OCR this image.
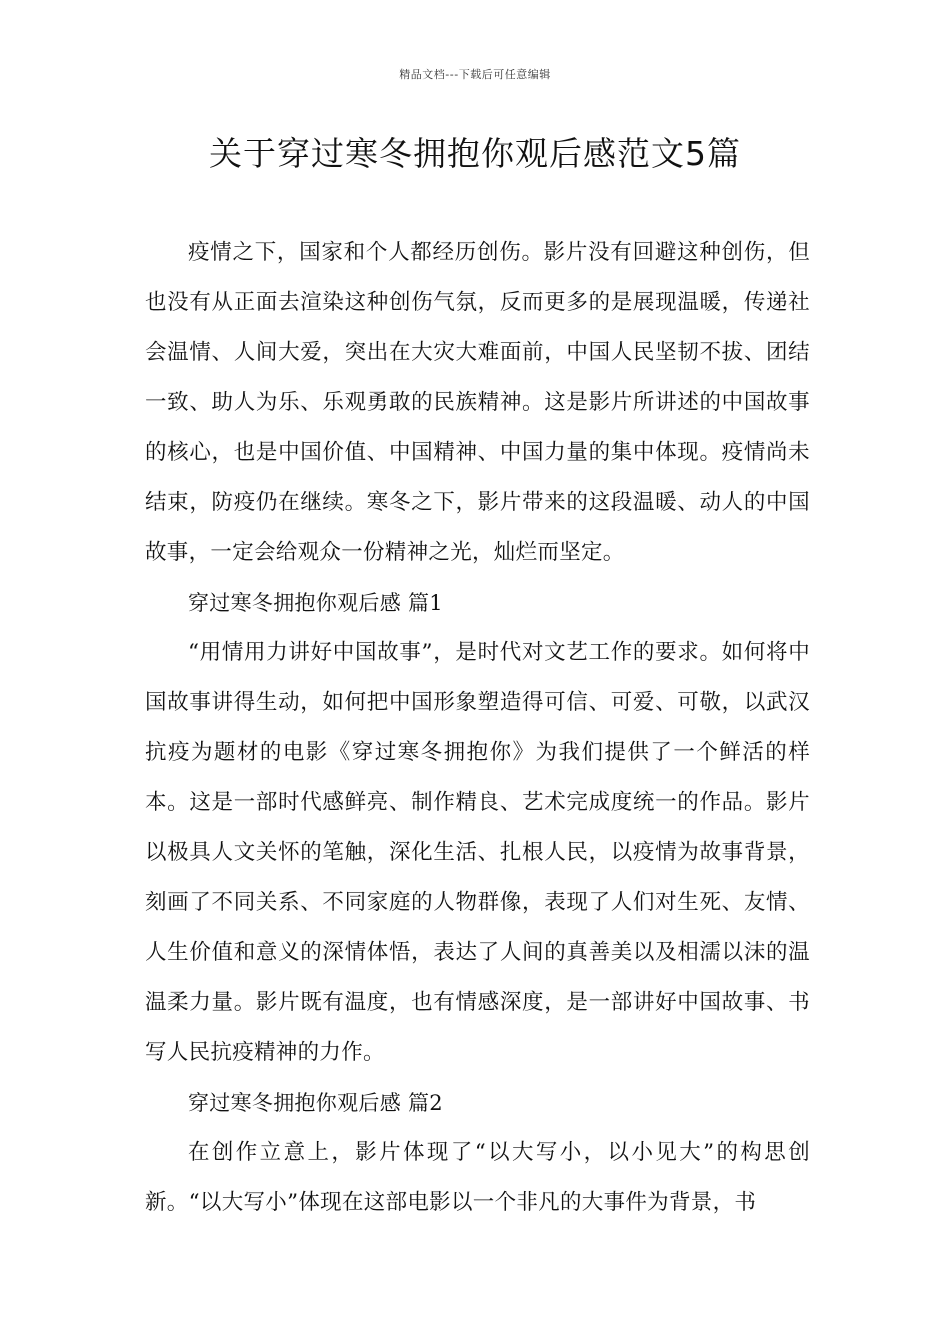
精品文档---下载后可任意编辑
关于穿过寒冬拥抱你观后感范文5篇

疫情之下，国家和个人都经历创伤。影片没有回避这种创伤，但也没有从正面去渲染这种创伤气氛，反而更多的是展现温暖，传递社会温情、人间大爱，突出在大灾大难面前，中国人民坚韧不拔、团结一致、助人为乐、乐观勇敢的民族精神。这是影片所讲述的中国故事的核心，也是中国价值、中国精神、中国力量的集中体现。疫情尚未结束，防疫仍在继续。寒冬之下，影片带来的这段温暖、动人的中国故事，一定会给观众一份精神之光，灿烂而坚定。

穿过寒冬拥抱你观后感 篇1

“用情用力讲好中国故事”，是时代对文艺工作的要求。如何将中国故事讲得生动，如何把中国形象塑造得可信、可爱、可敬，以武汉抗疫为题材的电影《穿过寒冬拥抱你》为我们提供了一个鲜活的样本。这是一部时代感鲜亮、制作精良、艺术完成度统一的作品。影片以极具人文关怀的笔触，深化生活、扎根人民，以疫情为故事背景，刻画了不同关系、不同家庭的人物群像，表现了人们对生死、友情、人生价值和意义的深情体悟，表达了人间的真善美以及相濡以沫的温温柔力量。影片既有温度，也有情感深度，是一部讲好中国故事、书写人民抗疫精神的力作。

穿过寒冬拥抱你观后感 篇2

在创作立意上，影片体现了“以大写小，以小见大”的构思创新。“以大写小”体现在这部电影以一个非凡的大事件为背景，书
